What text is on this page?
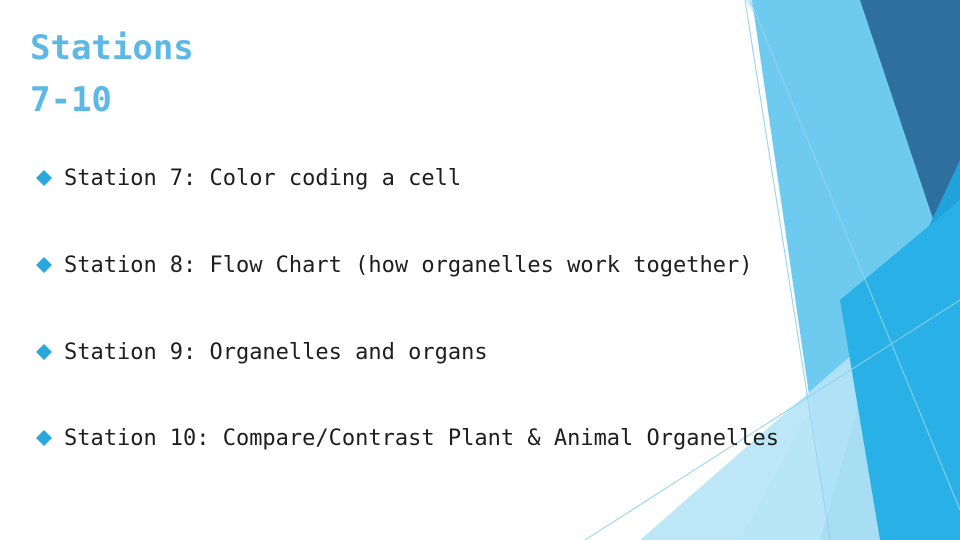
Stations
7-10
Station 7: Color coding a cell
Station 8: Flow Chart (how organelles work together)
Station 9: Organelles and organs
Station 10: Compare/Contrast Plant & Animal Organelles
